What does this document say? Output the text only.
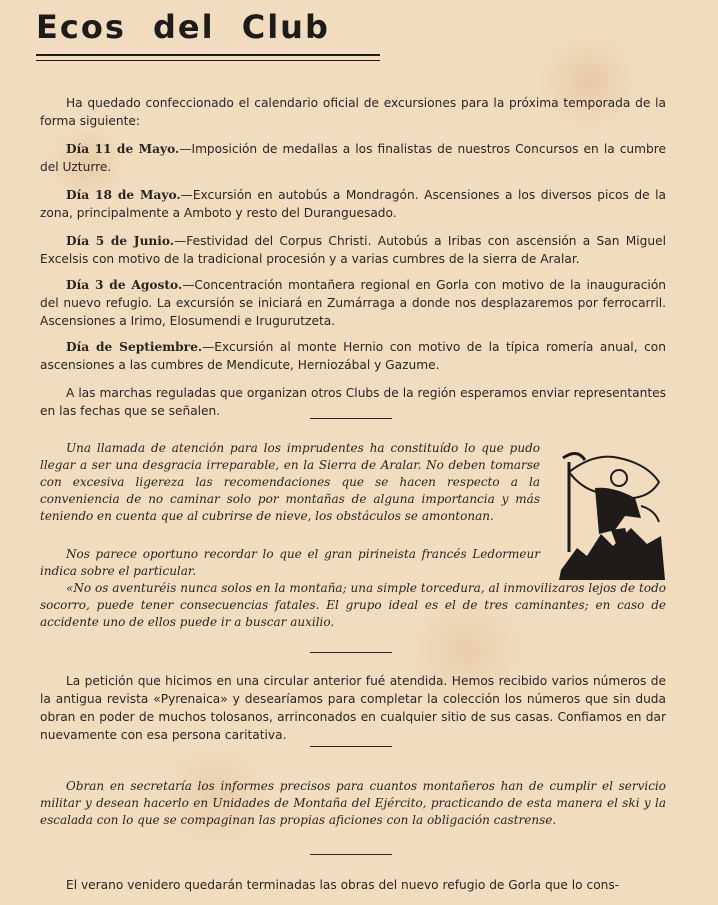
Ecos del Club

Ha quedado confeccionado el calendario oficial de excursiones para la próxima temporada de la forma siguiente:

Día 11 de Mayo.—Imposición de medallas a los finalistas de nuestros Concursos en la cumbre del Uzturre.

Día 18 de Mayo.—Excursión en autobús a Mondragón. Ascensiones a los diversos picos de la zona, principalmente a Amboto y resto del Duranguesado.

Día 5 de Junio.—Festividad del Corpus Christi. Autobús a Iribas con ascensión a San Miguel Excelsis con motivo de la tradicional procesión y a varias cumbres de la sierra de Aralar.

Día 3 de Agosto.—Concentración montañera regional en Gorla con motivo de la inauguración del nuevo refugio. La excursión se iniciará en Zumárraga a donde nos desplazaremos por ferrocarril. Ascensiones a Irimo, Elosumendi e Irugurutzeta.

Día de Septiembre.—Excursión al monte Hernio con motivo de la típica romería anual, con ascensiones a las cumbres de Mendicute, Herniozábal y Gazume.

A las marchas reguladas que organizan otros Clubs de la región esperamos enviar representantes en las fechas que se señalen.

Una llamada de atención para los imprudentes ha constituído lo que pudo llegar a ser una desgracia irreparable, en la Sierra de Aralar. No deben tomarse con excesiva ligereza las recomendaciones que se hacen respecto a la conveniencia de no caminar solo por montañas de alguna importancia y más teniendo en cuenta que al cubrirse de nieve, los obstáculos se amontonan.

Nos parece oportuno recordar lo que el gran pirineista francés Ledormeur indica sobre el particular.

«No os aventuréis nunca solos en la montaña; una simple torcedura, al inmovilizaros lejos de todo socorro, puede tener consecuencias fatales. El grupo ideal es el de tres caminantes; en caso de accidente uno de ellos puede ir a buscar auxilio.

La petición que hicimos en una circular anterior fué atendida. Hemos recibido varios números de la antigua revista «Pyrenaica» y desearíamos para completar la colección los números que sin duda obran en poder de muchos tolosanos, arrinconados en cualquier sitio de sus casas. Confiamos en dar nuevamente con esa persona caritativa.

Obran en secretaría los informes precisos para cuantos montañeros han de cumplir el servicio militar y desean hacerlo en Unidades de Montaña del Ejército, practicando de esta manera el ski y la escalada con lo que se compaginan las propias aficiones con la obligación castrense.

El verano venidero quedarán terminadas las obras del nuevo refugio de Gorla que lo cons-
